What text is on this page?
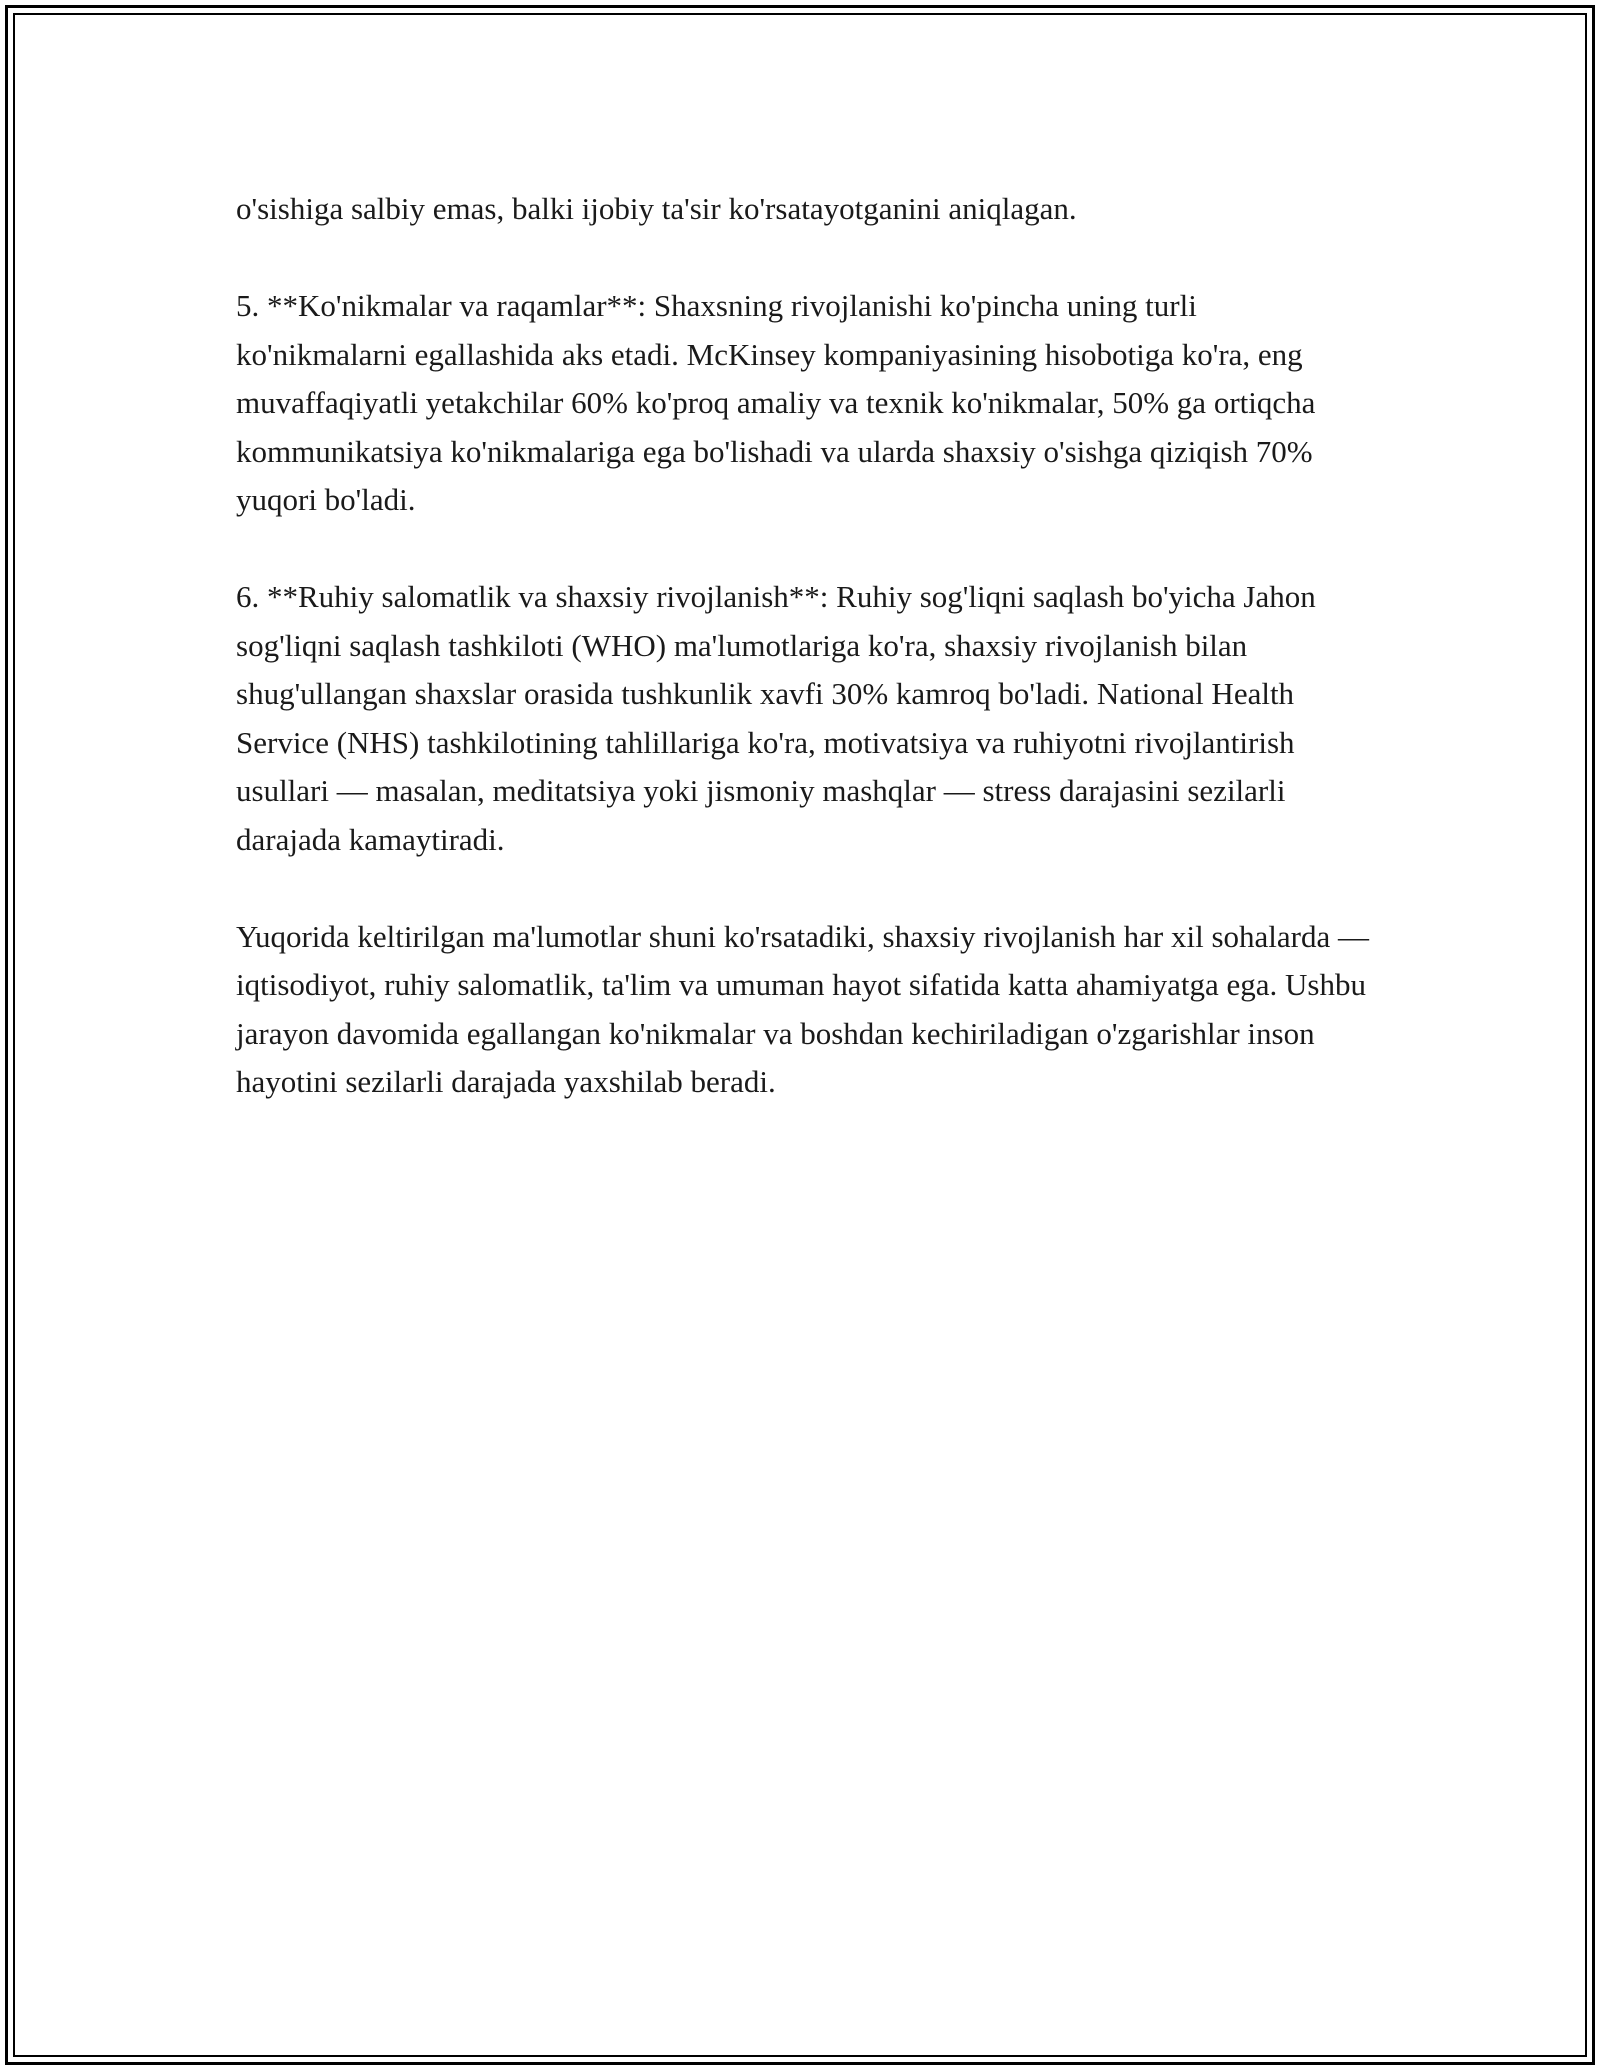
o'sishiga salbiy emas, balki ijobiy ta'sir ko'rsatayotganini aniqlagan.

5. **Ko'nikmalar va raqamlar**: Shaxsning rivojlanishi ko'pincha uning turli ko'nikmalarni egallashida aks etadi. McKinsey kompaniyasining hisobotiga ko'ra, eng muvaffaqiyatli yetakchilar 60% ko'proq amaliy va texnik ko'nikmalar, 50% ga ortiqcha kommunikatsiya ko'nikmalariga ega bo'lishadi va ularda shaxsiy o'sishga qiziqish 70% yuqori bo'ladi.

6. **Ruhiy salomatlik va shaxsiy rivojlanish**: Ruhiy sog'liqni saqlash bo'yicha Jahon sog'liqni saqlash tashkiloti (WHO) ma'lumotlariga ko'ra, shaxsiy rivojlanish bilan shug'ullangan shaxslar orasida tushkunlik xavfi 30% kamroq bo'ladi. National Health Service (NHS) tashkilotining tahlillariga ko'ra, motivatsiya va ruhiyotni rivojlantirish usullari — masalan, meditatsiya yoki jismoniy mashqlar — stress darajasini sezilarli darajada kamaytiradi.

Yuqorida keltirilgan ma'lumotlar shuni ko'rsatadiki, shaxsiy rivojlanish har xil sohalarda — iqtisodiyot, ruhiy salomatlik, ta'lim va umuman hayot sifatida katta ahamiyatga ega. Ushbu jarayon davomida egallangan ko'nikmalar va boshdan kechiriladigan o'zgarishlar inson hayotini sezilarli darajada yaxshilab beradi.
